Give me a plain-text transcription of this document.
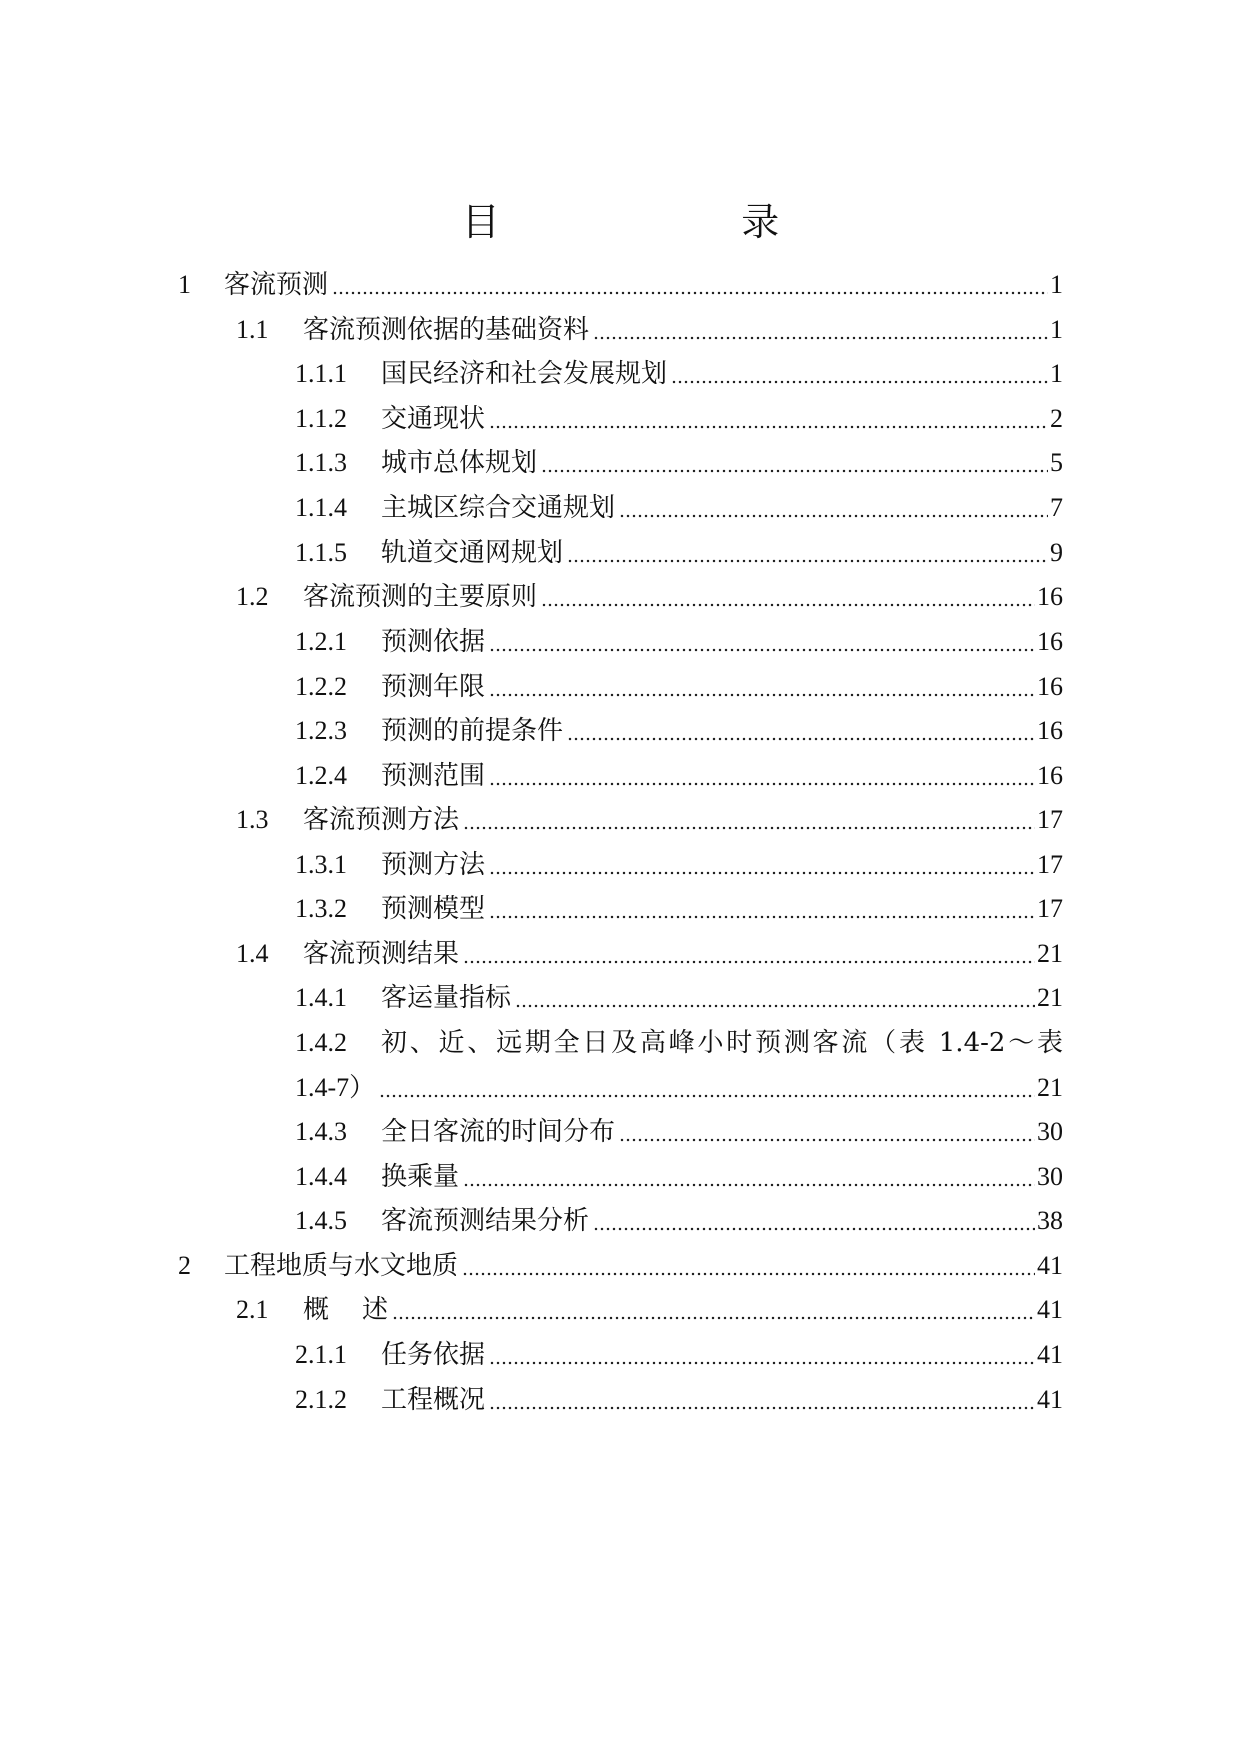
目                    录
1	客流预测	1
1.1	客流预测依据的基础资料	1
1.1.1	国民经济和社会发展规划	1
1.1.2	交通现状	2
1.1.3	城市总体规划	5
1.1.4	主城区综合交通规划	7
1.1.5	轨道交通网规划	9
1.2	客流预测的主要原则	16
1.2.1	预测依据	16
1.2.2	预测年限	16
1.2.3	预测的前提条件	16
1.2.4	预测范围	16
1.3	客流预测方法	17
1.3.1	预测方法	17
1.3.2	预测模型	17
1.4	客流预测结果	21
1.4.1	客运量指标	21
1.4.2	初、近、远期全日及高峰小时预测客流（表 1.4-2～表
1.4-7）	21
1.4.3	全日客流的时间分布	30
1.4.4	换乘量	30
1.4.5	客流预测结果分析	38
2	工程地质与水文地质	41
2.1	概    述	41
2.1.1	任务依据	41
2.1.2	工程概况	41
